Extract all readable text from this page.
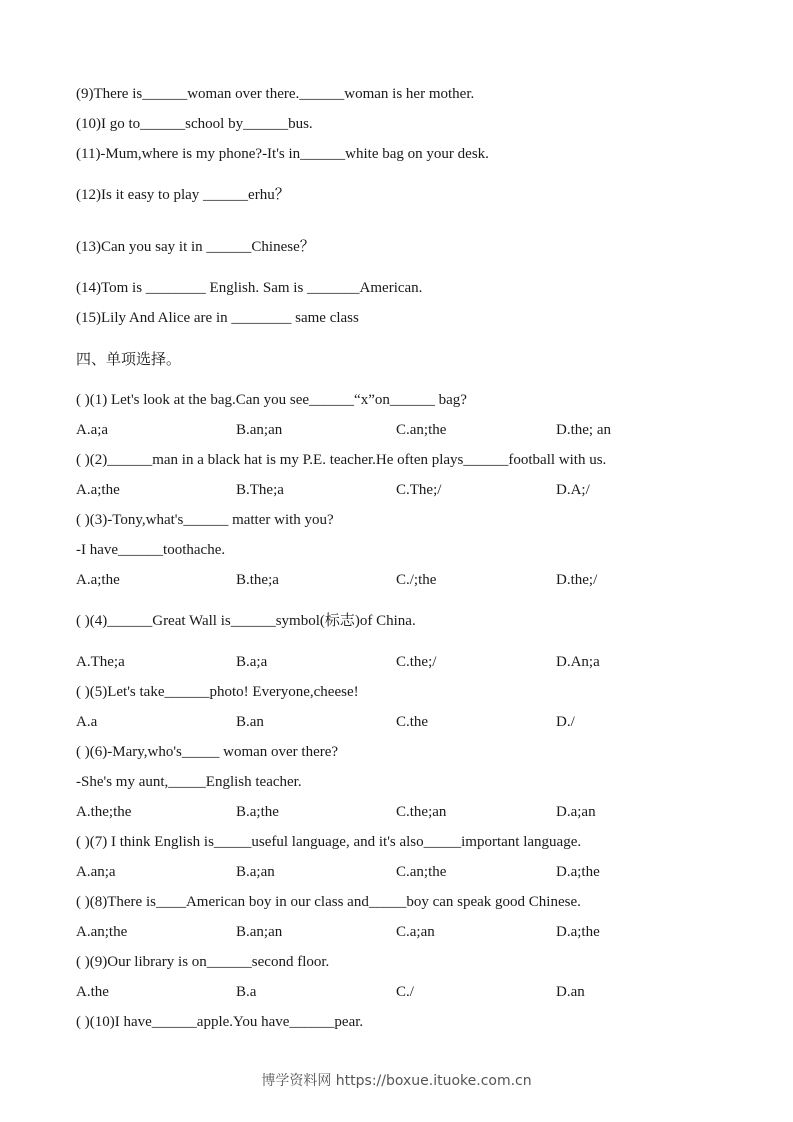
(9)There is______woman over there.______woman is her mother.
(10)I go to______school by______bus.
(11)-Mum,where is my phone?-It's in______white bag on your desk.
(12)Is it easy to play ______erhu？
(13)Can you say it in ______Chinese？
(14)Tom is ________ English. Sam is _______American.
(15)Lily And Alice are in ________ same class
四、单项选择。
( )(1) Let's look at the bag.Can you see______“x”on______ bag?
A.a;a	B.an;an	C.an;the	D.the; an
( )(2)______man in a black hat is my P.E. teacher.He often plays______football with us.
A.a;the	B.The;a	C.The;/	D.A;/
( )(3)-Tony,what's______ matter with you?
-I have______toothache.
A.a;the	B.the;a	C./;the	D.the;/
( )(4)______Great Wall is______symbol(标志)of China.
A.The;a	B.a;a	C.the;/	D.An;a
( )(5)Let's take______photo! Everyone,cheese!
A.a	B.an	C.the	D./
( )(6)-Mary,who's_____ woman over there?
-She's my aunt,_____English teacher.
A.the;the	B.a;the	C.the;an	D.a;an
( )(7) I think English is_____useful language, and it's also_____important language.
A.an;a	B.a;an	C.an;the	D.a;the
( )(8)There is____American boy in our class and_____boy can speak good Chinese.
A.an;the	B.an;an	C.a;an	D.a;the
( )(9)Our library is on______second floor.
A.the	B.a	C./	D.an
( )(10)I have______apple.You have______pear.
博学资料网 https://boxue.ituoke.com.cn
